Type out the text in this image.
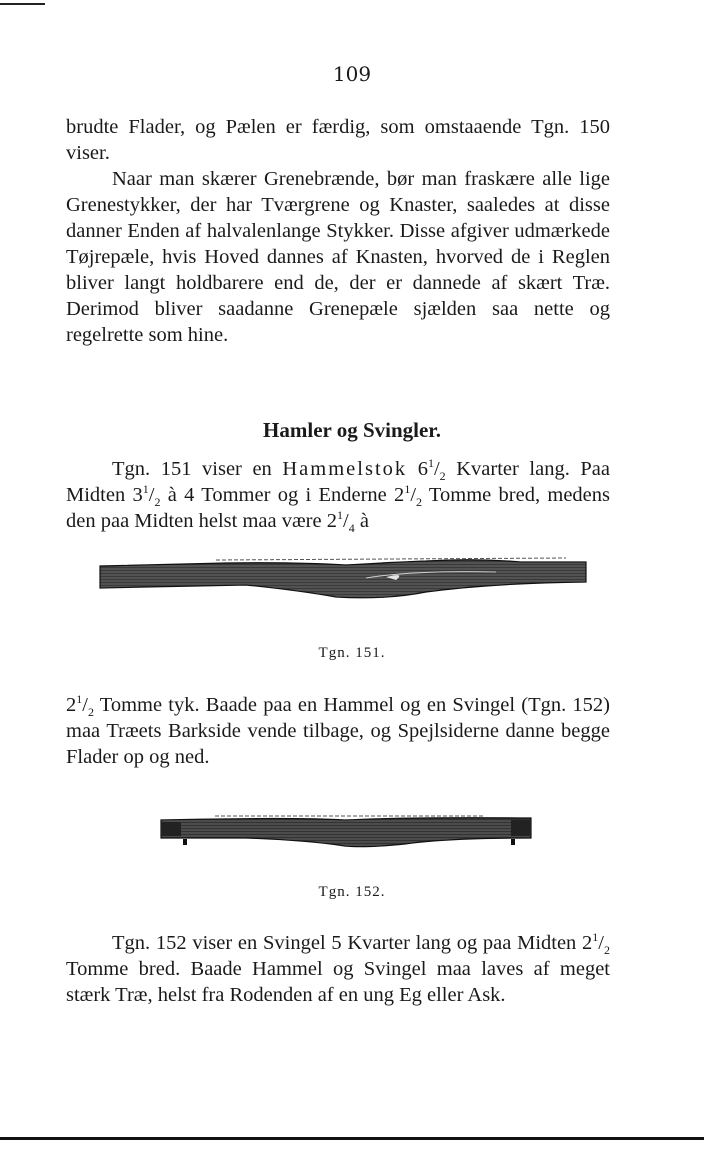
109
brudte Flader, og Pælen er færdig, som omstaaende Tgn. 150 viser.
Naar man skærer Grenebrænde, bør man fraskære alle lige Grenestykker, der har Tværgrene og Knaster, saaledes at disse danner Enden af halvalenlange Stykker. Disse afgiver udmærkede Tøjrepæle, hvis Hoved dannes af Knasten, hvorved de i Reglen bliver langt holdbarere end de, der er dannede af skært Træ. Derimod bliver saadanne Grenepæle sjælden saa nette og regelrette som hine.
Hamler og Svingler.
Tgn. 151 viser en Hammelstok $6^1/_2$ Kvarter lang. Paa Midten $3^1/_2$ à 4 Tommer og i Enderne $2^1/_2$ Tomme bred, medens den paa Midten helst maa være $2^1/_4$ à
Tgn. 151.
$2^1/_2$ Tomme tyk. Baade paa en Hammel og en Svingel (Tgn. 152) maa Træets Barkside vende tilbage, og Spejlsiderne danne begge Flader op og ned.
Tgn. 152.
Tgn. 152 viser en Svingel 5 Kvarter lang og paa Midten $2^1/_2$ Tomme bred. Baade Hammel og Svingel maa laves af meget stærk Træ, helst fra Rodenden af en ung Eg eller Ask.
